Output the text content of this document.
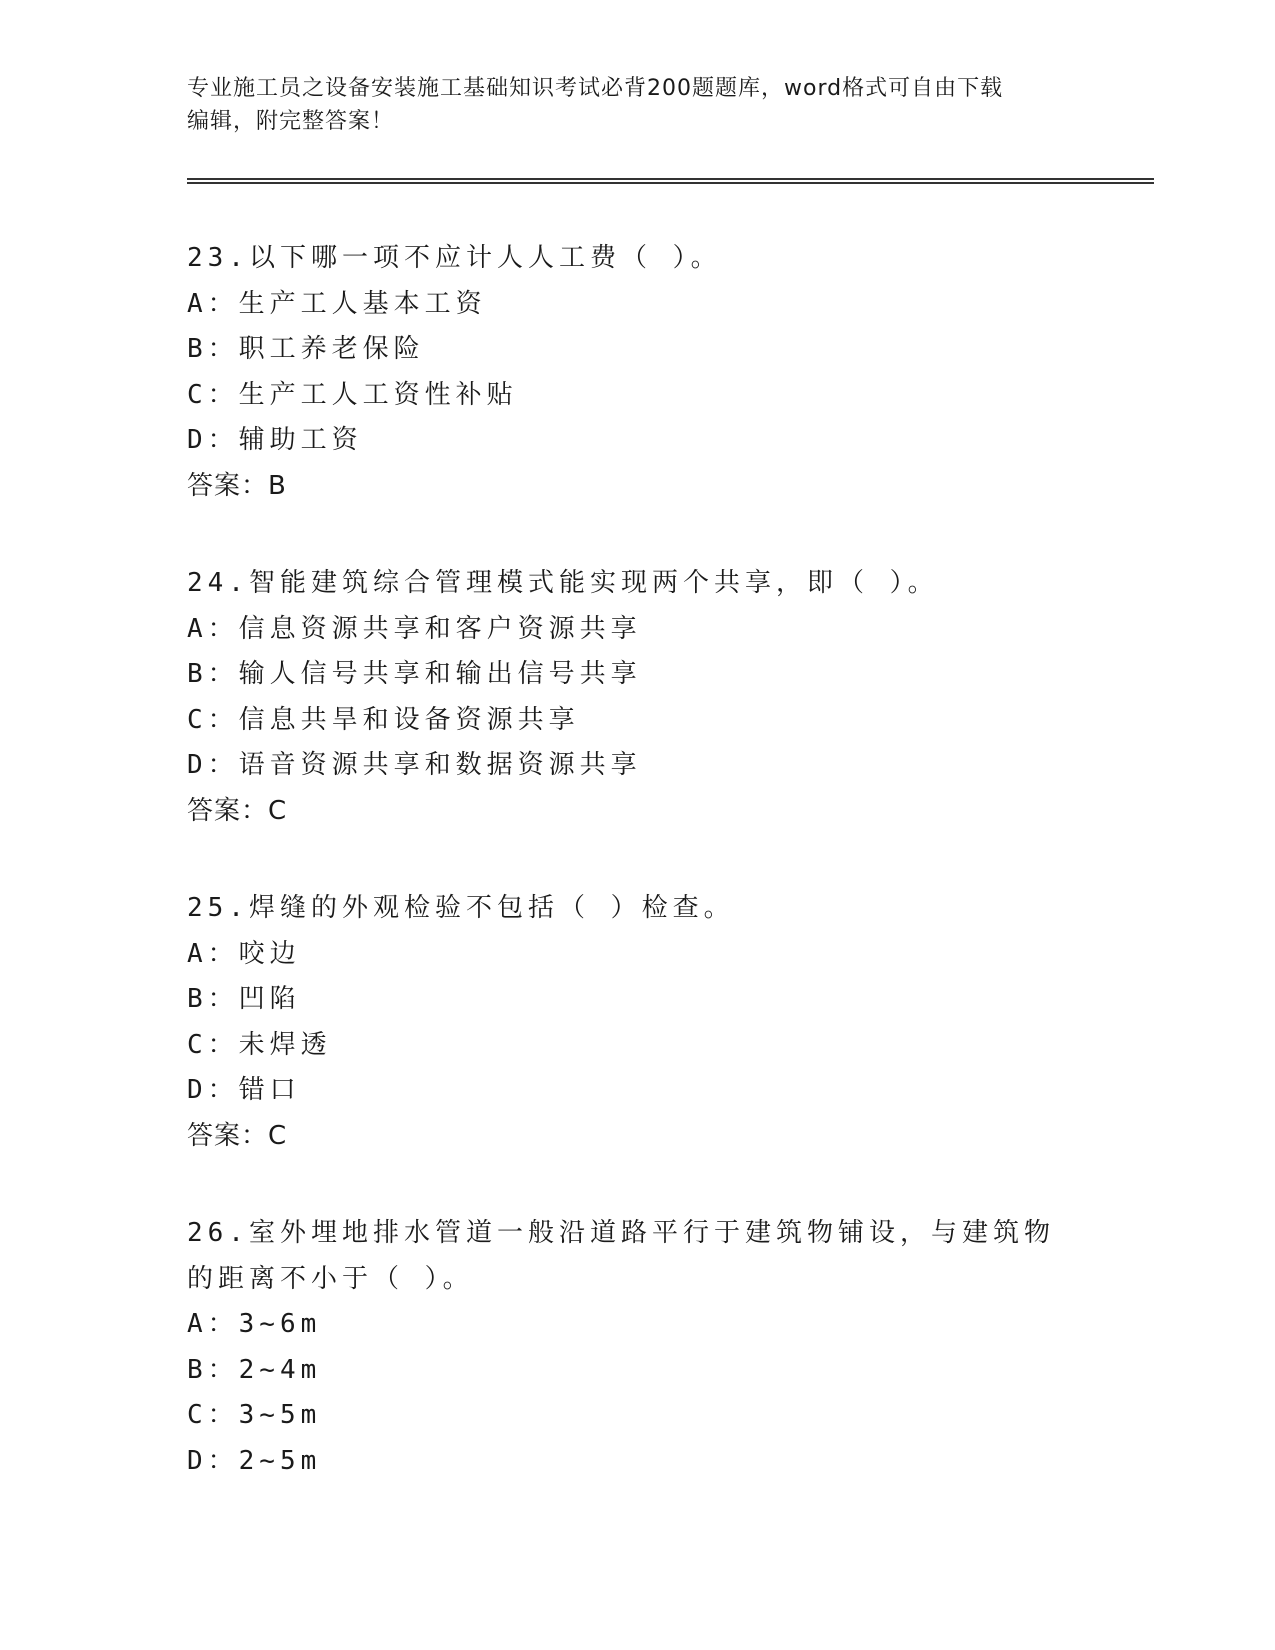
专业施工员之设备安装施工基础知识考试必背200题题库，word格式可自由下载
编辑，附完整答案！
23.以下哪一项不应计人人工费（ ）。
A：生产工人基本工资
B：职工养老保险
C：生产工人工资性补贴
D：辅助工资
答案：B
24.智能建筑综合管理模式能实现两个共享，即（ ）。
A：信息资源共享和客户资源共享
B：输人信号共享和输出信号共享
C：信息共旱和设备资源共享
D：语音资源共享和数据资源共享
答案：C
25.焊缝的外观检验不包括（ ）检查。
A：咬边
B：凹陷
C：未焊透
D：错口
答案：C
26.室外埋地排水管道一般沿道路平行于建筑物铺设，与建筑物的距离不小于（ ）。
A：3~6m
B：2~4m
C：3~5m
D：2~5m
